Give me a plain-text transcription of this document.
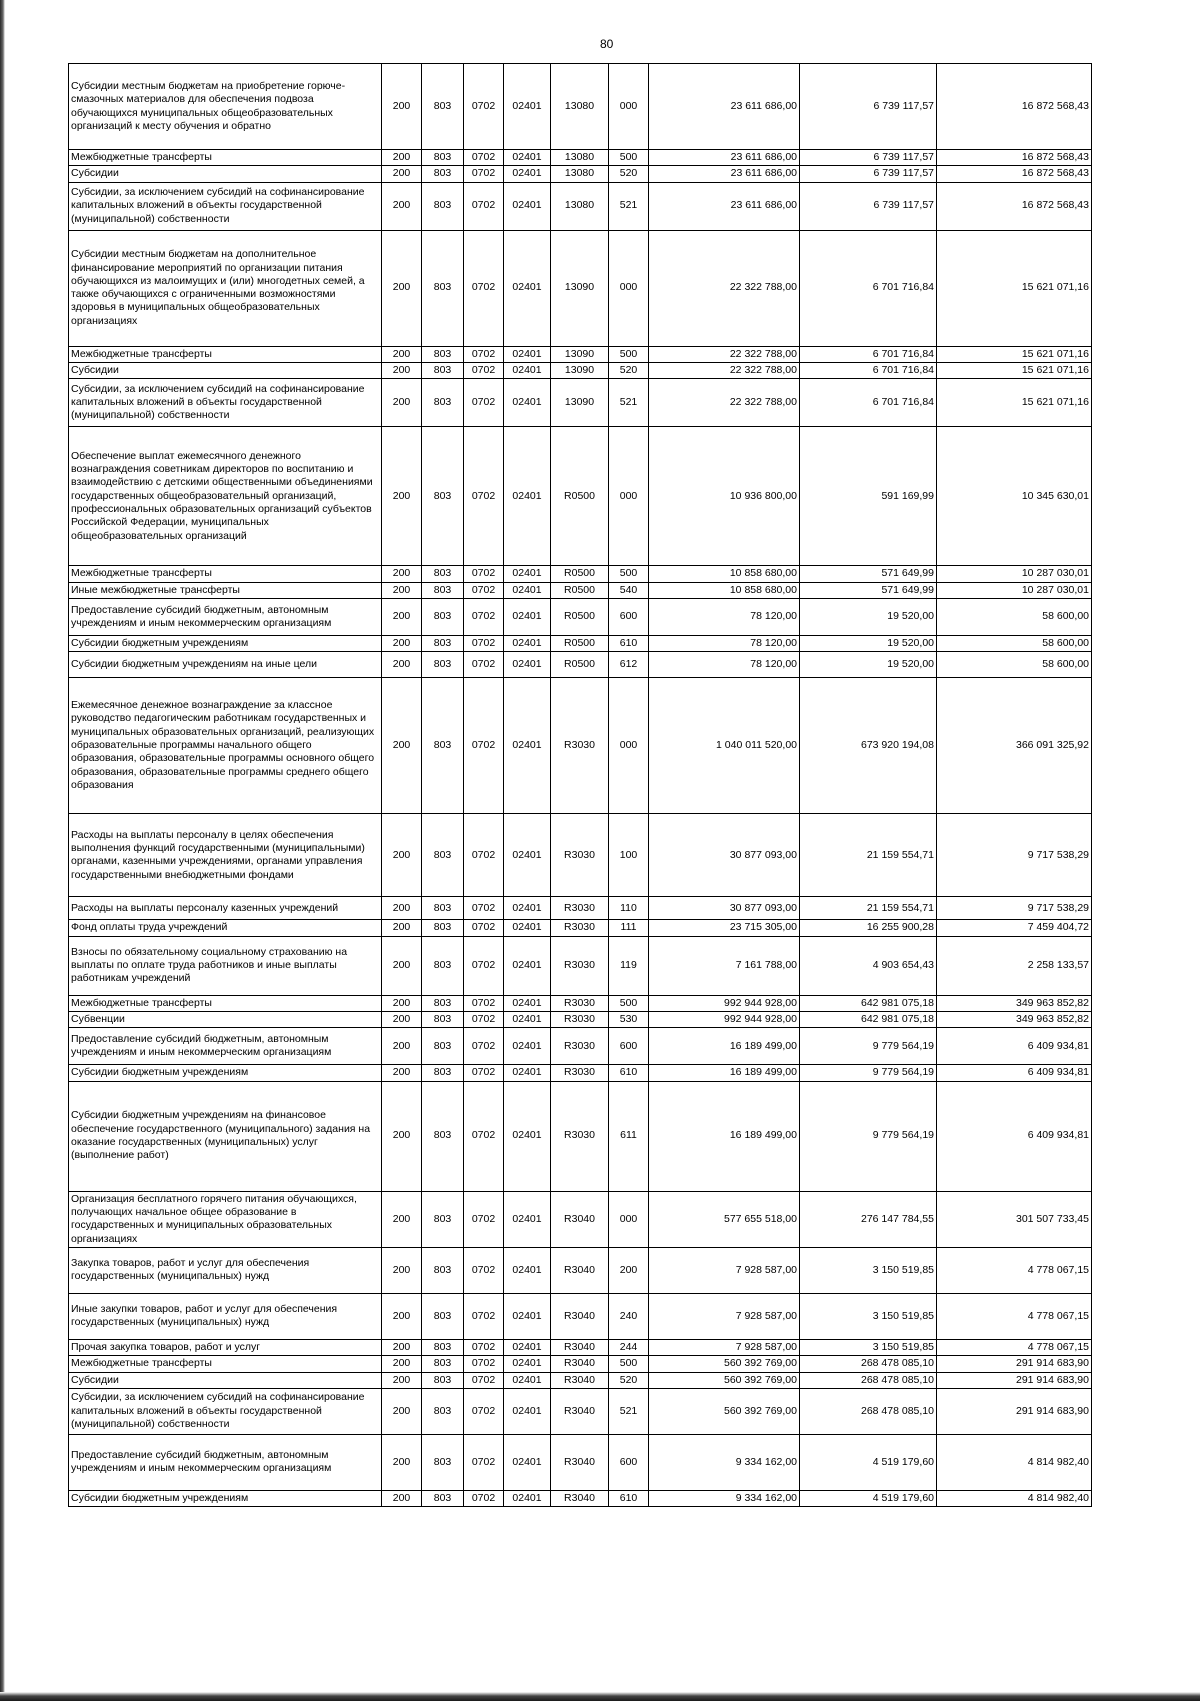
80
Субсидии местным бюджетам на приобретение горюче-смазочных материалов для обеспечения подвоза обучающихся муниципальных общеобразовательных организаций к месту обучения и обратно	200	803	0702	02401	13080	000	23 611 686,00	6 739 117,57	16 872 568,43
Межбюджетные трансферты	200	803	0702	02401	13080	500	23 611 686,00	6 739 117,57	16 872 568,43
Субсидии	200	803	0702	02401	13080	520	23 611 686,00	6 739 117,57	16 872 568,43
Субсидии, за исключением субсидий на софинансирование капитальных вложений в объекты государственной (муниципальной) собственности	200	803	0702	02401	13080	521	23 611 686,00	6 739 117,57	16 872 568,43
Субсидии местным бюджетам на дополнительное финансирование мероприятий по организации питания обучающихся из малоимущих и (или) многодетных семей, а также обучающихся с ограниченными возможностями здоровья в муниципальных общеобразовательных организациях	200	803	0702	02401	13090	000	22 322 788,00	6 701 716,84	15 621 071,16
Межбюджетные трансферты	200	803	0702	02401	13090	500	22 322 788,00	6 701 716,84	15 621 071,16
Субсидии	200	803	0702	02401	13090	520	22 322 788,00	6 701 716,84	15 621 071,16
Субсидии, за исключением субсидий на софинансирование капитальных вложений в объекты государственной (муниципальной) собственности	200	803	0702	02401	13090	521	22 322 788,00	6 701 716,84	15 621 071,16
Обеспечение выплат ежемесячного денежного вознаграждения советникам директоров по воспитанию и взаимодействию с детскими общественными объединениями государственных общеобразовательный организаций, профессиональных образовательных организаций субъектов Российской Федерации, муниципальных общеобразовательных организаций	200	803	0702	02401	R0500	000	10 936 800,00	591 169,99	10 345 630,01
Межбюджетные трансферты	200	803	0702	02401	R0500	500	10 858 680,00	571 649,99	10 287 030,01
Иные межбюджетные трансферты	200	803	0702	02401	R0500	540	10 858 680,00	571 649,99	10 287 030,01
Предоставление субсидий бюджетным, автономным учреждениям и иным некоммерческим организациям	200	803	0702	02401	R0500	600	78 120,00	19 520,00	58 600,00
Субсидии бюджетным учреждениям	200	803	0702	02401	R0500	610	78 120,00	19 520,00	58 600,00
Субсидии бюджетным учреждениям на иные цели	200	803	0702	02401	R0500	612	78 120,00	19 520,00	58 600,00
Ежемесячное денежное вознаграждение за классное руководство педагогическим работникам государственных и муниципальных образовательных организаций, реализующих образовательные программы начального общего образования, образовательные программы основного общего образования, образовательные программы среднего общего образования	200	803	0702	02401	R3030	000	1 040 011 520,00	673 920 194,08	366 091 325,92
Расходы на выплаты персоналу в целях обеспечения выполнения функций государственными (муниципальными) органами, казенными учреждениями, органами управления государственными внебюджетными фондами	200	803	0702	02401	R3030	100	30 877 093,00	21 159 554,71	9 717 538,29
Расходы на выплаты персоналу казенных учреждений	200	803	0702	02401	R3030	110	30 877 093,00	21 159 554,71	9 717 538,29
Фонд оплаты труда учреждений	200	803	0702	02401	R3030	111	23 715 305,00	16 255 900,28	7 459 404,72
Взносы по обязательному социальному страхованию на выплаты по оплате труда работников и иные выплаты работникам учреждений	200	803	0702	02401	R3030	119	7 161 788,00	4 903 654,43	2 258 133,57
Межбюджетные трансферты	200	803	0702	02401	R3030	500	992 944 928,00	642 981 075,18	349 963 852,82
Субвенции	200	803	0702	02401	R3030	530	992 944 928,00	642 981 075,18	349 963 852,82
Предоставление субсидий бюджетным, автономным учреждениям и иным некоммерческим организациям	200	803	0702	02401	R3030	600	16 189 499,00	9 779 564,19	6 409 934,81
Субсидии бюджетным учреждениям	200	803	0702	02401	R3030	610	16 189 499,00	9 779 564,19	6 409 934,81
Субсидии бюджетным учреждениям на финансовое обеспечение государственного (муниципального) задания на оказание государственных (муниципальных) услуг (выполнение работ)	200	803	0702	02401	R3030	611	16 189 499,00	9 779 564,19	6 409 934,81
Организация бесплатного горячего питания обучающихся, получающих начальное общее образование в государственных и муниципальных образовательных организациях	200	803	0702	02401	R3040	000	577 655 518,00	276 147 784,55	301 507 733,45
Закупка товаров, работ и услуг для обеспечения государственных (муниципальных) нужд	200	803	0702	02401	R3040	200	7 928 587,00	3 150 519,85	4 778 067,15
Иные закупки товаров, работ и услуг для обеспечения государственных (муниципальных) нужд	200	803	0702	02401	R3040	240	7 928 587,00	3 150 519,85	4 778 067,15
Прочая закупка товаров, работ и услуг	200	803	0702	02401	R3040	244	7 928 587,00	3 150 519,85	4 778 067,15
Межбюджетные трансферты	200	803	0702	02401	R3040	500	560 392 769,00	268 478 085,10	291 914 683,90
Субсидии	200	803	0702	02401	R3040	520	560 392 769,00	268 478 085,10	291 914 683,90
Субсидии, за исключением субсидий на софинансирование капитальных вложений в объекты государственной (муниципальной) собственности	200	803	0702	02401	R3040	521	560 392 769,00	268 478 085,10	291 914 683,90
Предоставление субсидий бюджетным, автономным учреждениям и иным некоммерческим организациям	200	803	0702	02401	R3040	600	9 334 162,00	4 519 179,60	4 814 982,40
Субсидии бюджетным учреждениям	200	803	0702	02401	R3040	610	9 334 162,00	4 519 179,60	4 814 982,40
